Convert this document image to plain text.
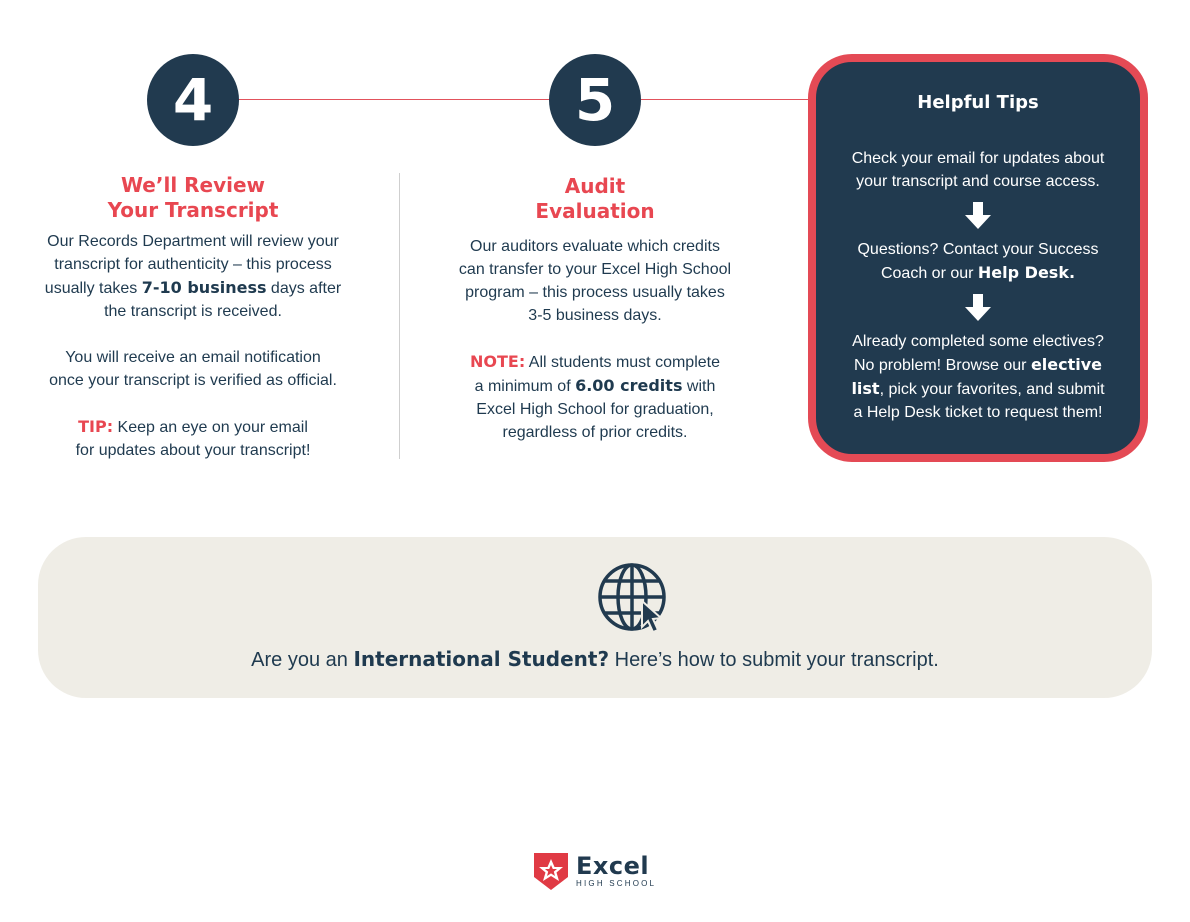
4

We’ll Review
Your Transcript

Our Records Department will review your
transcript for authenticity – this process
usually takes 7-10 business days after
the transcript is received.

You will receive an email notification
once your transcript is verified as official.

TIP: Keep an eye on your email
for updates about your transcript!

5

Audit
Evaluation

Our auditors evaluate which credits
can transfer to your Excel High School
program – this process usually takes
3-5 business days.

NOTE: All students must complete
a minimum of 6.00 credits with
Excel High School for graduation,
regardless of prior credits.

Helpful Tips

Check your email for updates about
your transcript and course access.

Questions? Contact your Success
Coach or our Help Desk.

Already completed some electives?
No problem! Browse our elective
list, pick your favorites, and submit
a Help Desk ticket to request them!

Are you an International Student? Here’s how to submit your transcript.
Excel
HIGH SCHOOL
